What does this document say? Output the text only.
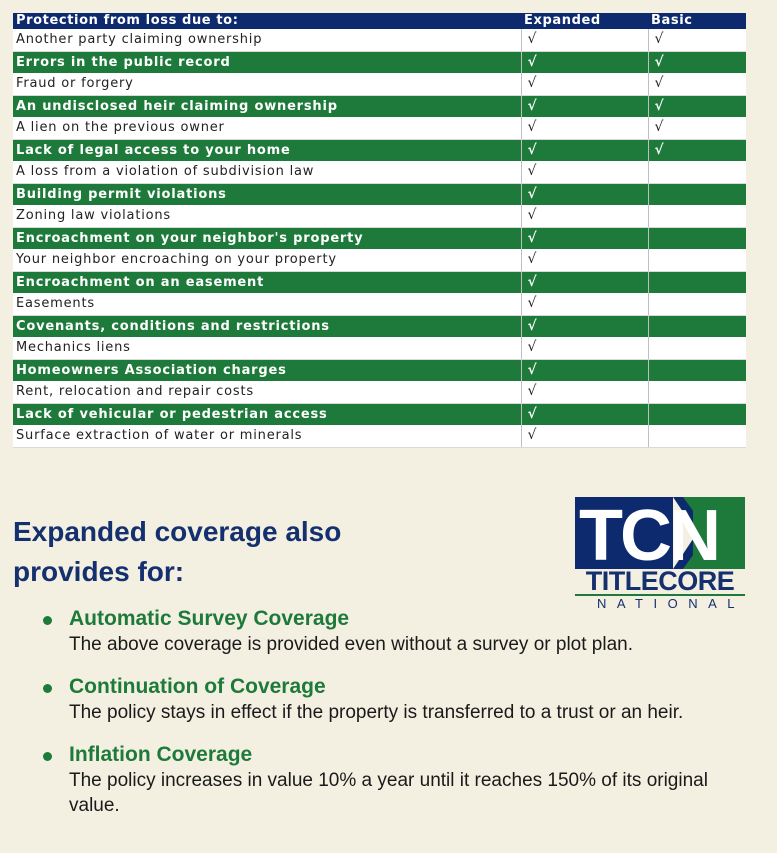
Protection from loss due to:	Expanded	Basic
Another party claiming ownership	√	√
Errors in the public record	√	√
Fraud or forgery	√	√
An undisclosed heir claiming ownership	√	√
A lien on the previous owner	√	√
Lack of legal access to your home	√	√
A loss from a violation of subdivision law	√	
Building permit violations	√	
Zoning law violations	√	
Encroachment on your neighbor's property	√	
Your neighbor encroaching on your property	√	
Encroachment on an easement	√	
Easements	√	
Covenants, conditions and restrictions	√	
Mechanics liens	√	
Homeowners Association charges	√	
Rent, relocation and repair costs	√	
Lack of vehicular or pedestrian access	√	
Surface extraction of water or minerals	√	
Expanded coverage also
provides for:	TCN
TITLECORE
NATIONAL
Automatic Survey Coverage
The above coverage is provided even without a survey or plot plan.
Continuation of Coverage
The policy stays in effect if the property is transferred to a trust or an heir.
Inflation Coverage
The policy increases in value 10% a year until it reaches 150% of its original value.
